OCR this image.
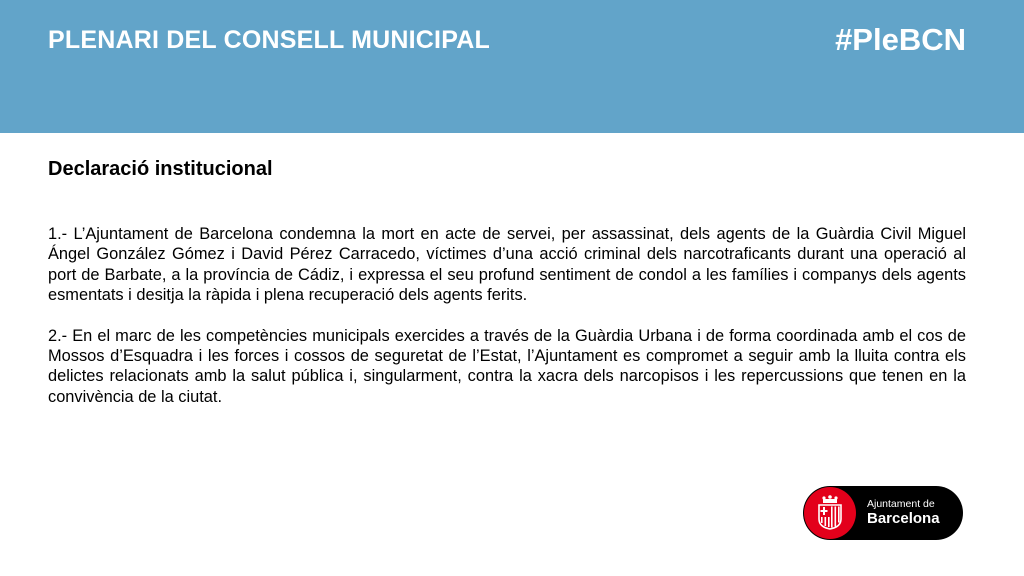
PLENARI DEL CONSELL MUNICIPAL	#PleBCN
Declaració institucional

1.- L’Ajuntament de Barcelona condemna la mort en acte de servei, per assassinat, dels agents de la Guàrdia Civil Miguel Ángel González Gómez i David Pérez Carracedo, víctimes d’una acció criminal dels narcotraficants durant una operació al port de Barbate, a la província de Cádiz, i expressa el seu profund sentiment de condol a les famílies i companys dels agents esmentats i desitja la ràpida i plena recuperació dels agents ferits.

2.- En el marc de les competències municipals exercides a través de la Guàrdia Urbana i de forma coordinada amb el cos de Mossos d’Esquadra i les forces i cossos de seguretat de l’Estat, l’Ajuntament es compromet a seguir amb la lluita contra els delictes relacionats amb la salut pública i, singularment, contra la xacra dels narcopisos i les repercussions que tenen en la convivència de la ciutat.

Ajuntament de
Barcelona
